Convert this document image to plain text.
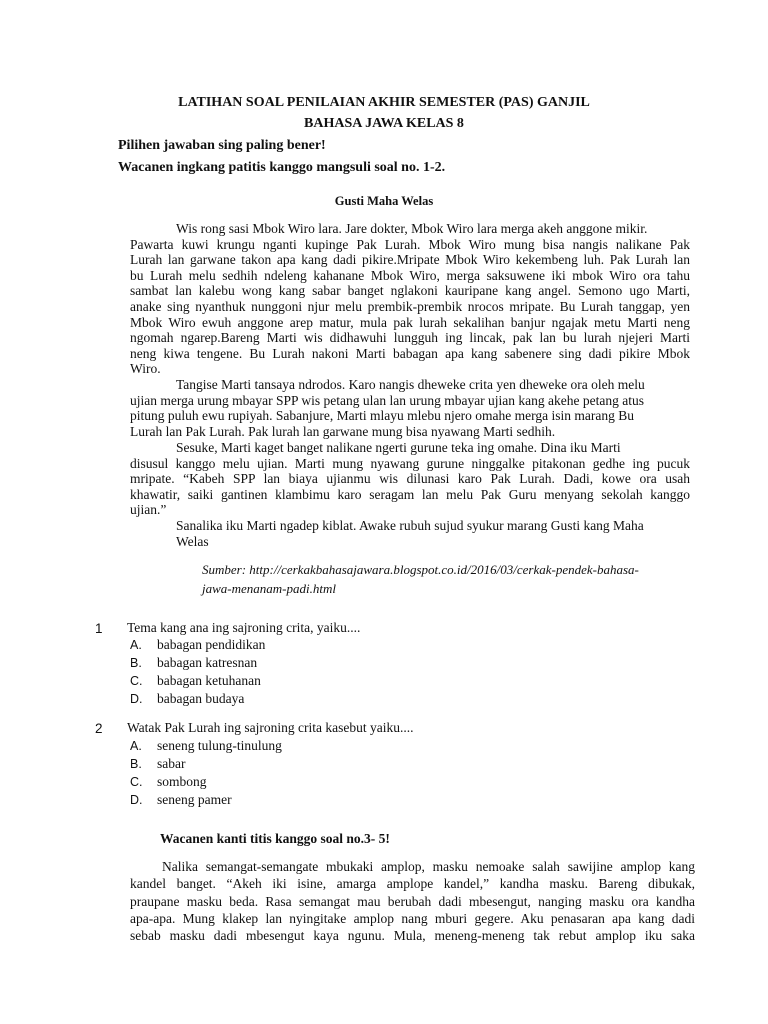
LATIHAN SOAL PENILAIAN AKHIR SEMESTER (PAS) GANJIL
BAHASA JAWA KELAS 8
Pilihen jawaban sing paling bener!
Wacanen ingkang patitis kanggo mangsuli soal no. 1-2.
Gusti Maha Welas
Wis rong sasi Mbok Wiro lara. Jare dokter, Mbok Wiro lara merga akeh anggone mikir.
Pawarta kuwi krungu nganti kupinge Pak Lurah. Mbok Wiro mung bisa nangis nalikane Pak
Lurah lan garwane takon apa kang dadi pikire.Mripate Mbok Wiro kekembeng luh. Pak Lurah lan
bu Lurah melu sedhih ndeleng kahanane Mbok Wiro, merga saksuwene iki mbok Wiro ora tahu
sambat lan kalebu wong kang sabar banget nglakoni kauripane kang angel. Semono ugo Marti,
anake sing nyanthuk nunggoni njur melu prembik-prembik nrocos mripate. Bu Lurah tanggap, yen
Mbok Wiro ewuh anggone arep matur, mula pak lurah sekalihan banjur ngajak metu Marti neng
ngomah ngarep.Bareng Marti wis didhawuhi lungguh ing lincak, pak lan bu lurah njejeri Marti
neng kiwa tengene. Bu Lurah nakoni Marti babagan apa kang sabenere sing dadi pikire Mbok
Wiro.
Tangise Marti tansaya ndrodos. Karo nangis dheweke crita yen dheweke ora oleh melu
ujian merga urung mbayar SPP wis petang ulan lan urung mbayar ujian kang akehe petang atus
pitung puluh ewu rupiyah. Sabanjure, Marti mlayu mlebu njero omahe merga isin marang Bu
Lurah lan Pak Lurah. Pak lurah lan garwane mung bisa nyawang Marti sedhih.
Sesuke, Marti kaget banget nalikane ngerti gurune teka ing omahe. Dina iku Marti
disusul kanggo melu ujian. Marti mung nyawang gurune ninggalke pitakonan gedhe ing pucuk
mripate. “Kabeh SPP lan biaya ujianmu wis dilunasi karo Pak Lurah. Dadi, kowe ora usah
khawatir, saiki gantinen klambimu karo seragam lan melu Pak Guru menyang sekolah kanggo
ujian.”
Sanalika iku Marti ngadep kiblat. Awake rubuh sujud syukur marang Gusti kang Maha
Welas
Sumber: http://cerkakbahasajawara.blogspot.co.id/2016/03/cerkak-pendek-bahasa-
jawa-menanam-padi.html
1 Tema kang ana ing sajroning crita, yaiku....
A. babagan pendidikan
B. babagan katresnan
C. babagan ketuhanan
D. babagan budaya
2 Watak Pak Lurah ing sajroning crita kasebut yaiku....
A. seneng tulung-tinulung
B. sabar
C. sombong
D. seneng pamer
Wacanen kanti titis kanggo soal no.3- 5!
Nalika semangat-semangate mbukaki amplop, masku nemoake salah sawijine amplop kang
kandel banget. “Akeh iki isine, amarga amplope kandel,” kandha masku. Bareng dibukak,
praupane masku beda. Rasa semangat mau berubah dadi mbesengut, nanging masku ora kandha
apa-apa. Mung klakep lan nyingitake amplop nang mburi gegere. Aku penasaran apa kang dadi
sebab masku dadi mbesengut kaya ngunu. Mula, meneng-meneng tak rebut amplop iku saka
